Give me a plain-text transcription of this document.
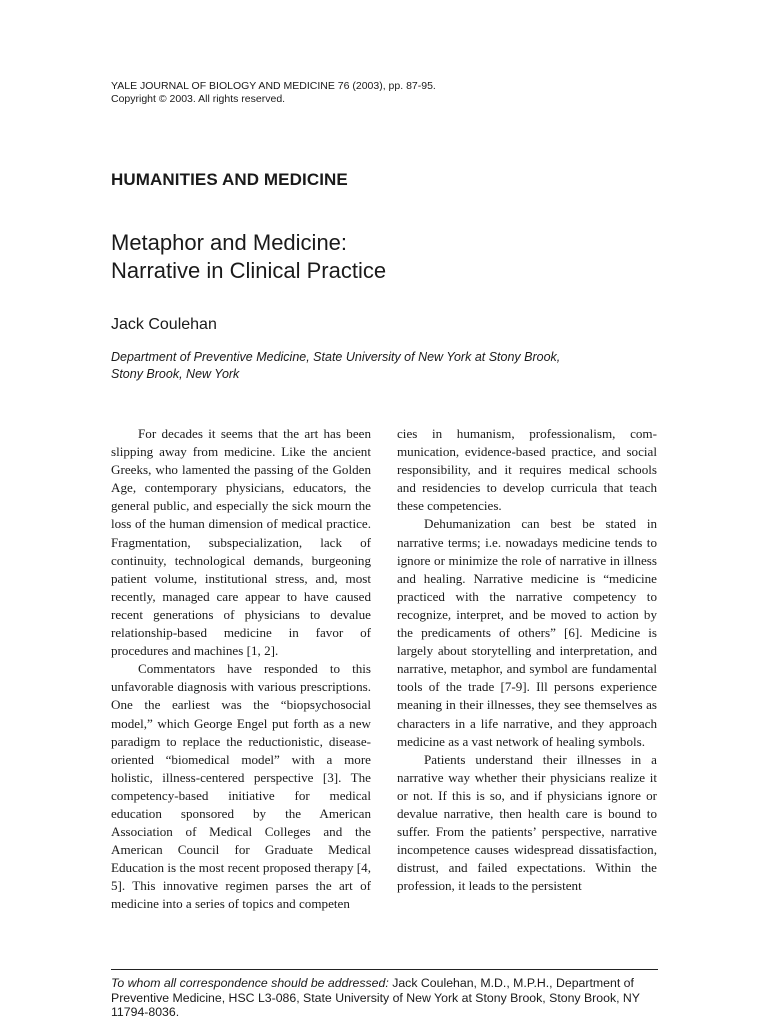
YALE JOURNAL OF BIOLOGY AND MEDICINE 76 (2003), pp. 87-95.
Copyright © 2003. All rights reserved.
HUMANITIES AND MEDICINE
Metaphor and Medicine:
Narrative in Clinical Practice
Jack Coulehan
Department of Preventive Medicine, State University of New York at Stony Brook,
Stony Brook, New York

For decades it seems that the art has been slipping away from medicine. Like the ancient Greeks, who lamented the passing of the Golden Age, contemporary physicians, educators, the general public, and especially the sick mourn the loss of the human dimension of medical practice. Fragmentation, subspecialization, lack of continuity, technological demands, burgeoning patient volume, institutional stress, and, most recently, managed care appear to have caused recent generations of physicians to devalue relationship-based medicine in favor of procedures and machines [1, 2].

Commentators have responded to this unfavorable diagnosis with various prescriptions. One the earliest was the “biopsychosocial model,” which George Engel put forth as a new paradigm to replace the reductionistic, disease-oriented “biomedical model” with a more holistic, illness-centered perspective [3]. The competency-based initiative for medical education sponsored by the American Association of Medical Colleges and the American Council for Graduate Medical Education is the most recent proposed therapy [4, 5]. This innovative regimen parses the art of medicine into a series of topics and competen

cies in humanism, professionalism, communication, evidence-based practice, and social responsibility, and it requires medical schools and residencies to develop curricula that teach these competencies.

Dehumanization can best be stated in narrative terms; i.e. nowadays medicine tends to ignore or minimize the role of narrative in illness and healing. Narrative medicine is “medicine practiced with the narrative competency to recognize, interpret, and be moved to action by the predicaments of others” [6]. Medicine is largely about storytelling and interpretation, and narrative, metaphor, and symbol are fundamental tools of the trade [7-9]. Ill persons experience meaning in their illnesses, they see themselves as characters in a life narrative, and they approach medicine as a vast network of healing symbols.

Patients understand their illnesses in a narrative way whether their physicians realize it or not. If this is so, and if physicians ignore or devalue narrative, then health care is bound to suffer. From the patients’ perspective, narrative incompetence causes widespread dissatisfaction, distrust, and failed expectations. Within the profession, it leads to the persistent

To whom all correspondence should be addressed: Jack Coulehan, M.D., M.P.H., Department of Preventive Medicine, HSC L3-086, State University of New York at Stony Brook, Stony Brook, NY 11794-8036.
